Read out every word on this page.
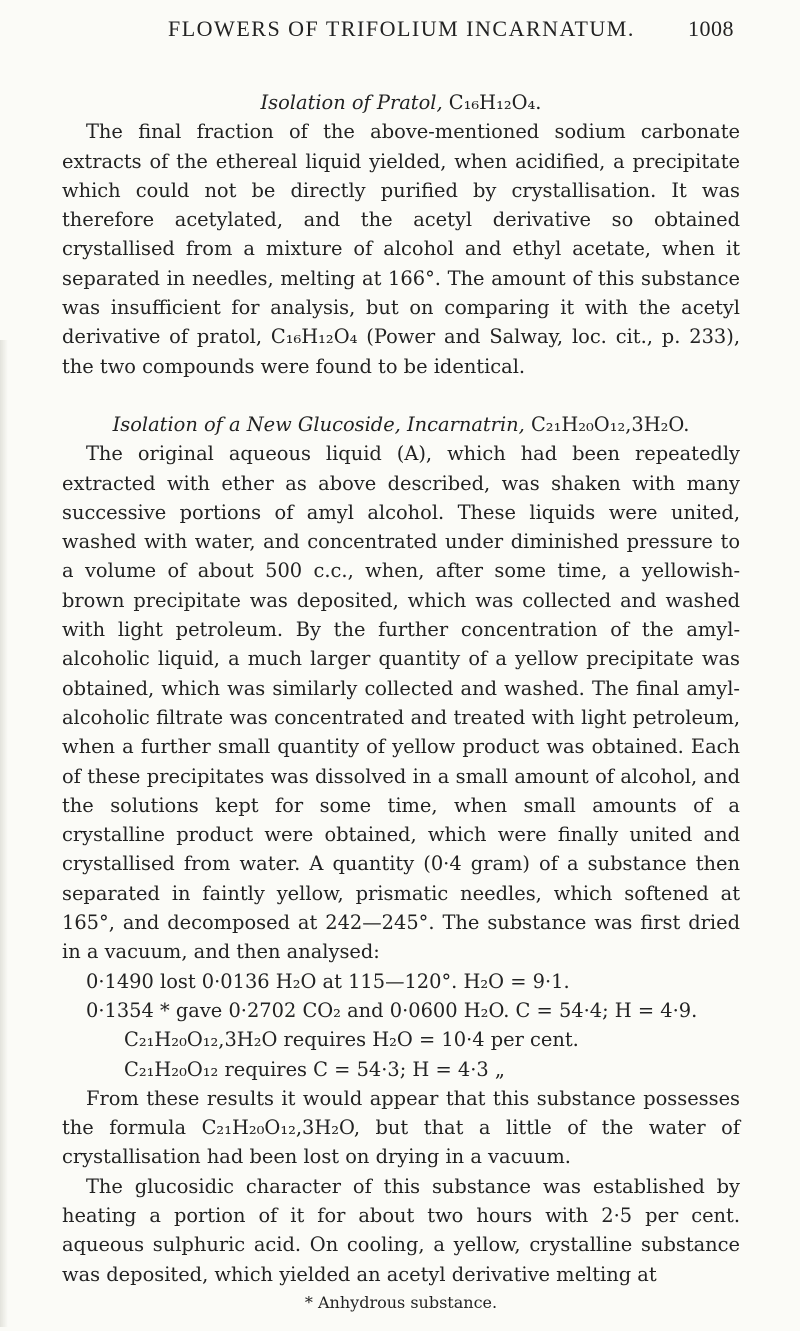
FLOWERS OF TRIFOLIUM INCARNATUM. 1008

Isolation of Pratol, C₁₆H₁₂O₄.

The final fraction of the above-mentioned sodium carbonate extracts of the ethereal liquid yielded, when acidified, a precipitate which could not be directly purified by crystallisation. It was therefore acetylated, and the acetyl derivative so obtained crystallised from a mixture of alcohol and ethyl acetate, when it separated in needles, melting at 166°. The amount of this substance was insufficient for analysis, but on comparing it with the acetyl derivative of pratol, C₁₆H₁₂O₄ (Power and Salway, loc. cit., p. 233), the two compounds were found to be identical.

Isolation of a New Glucoside, Incarnatrin, C₂₁H₂₀O₁₂,3H₂O.

The original aqueous liquid (A), which had been repeatedly extracted with ether as above described, was shaken with many successive portions of amyl alcohol. These liquids were united, washed with water, and concentrated under diminished pressure to a volume of about 500 c.c., when, after some time, a yellowish-brown precipitate was deposited, which was collected and washed with light petroleum. By the further concentration of the amyl-alcoholic liquid, a much larger quantity of a yellow precipitate was obtained, which was similarly collected and washed. The final amyl-alcoholic filtrate was concentrated and treated with light petroleum, when a further small quantity of yellow product was obtained. Each of these precipitates was dissolved in a small amount of alcohol, and the solutions kept for some time, when small amounts of a crystalline product were obtained, which were finally united and crystallised from water. A quantity (0·4 gram) of a substance then separated in faintly yellow, prismatic needles, which softened at 165°, and decomposed at 242—245°. The substance was first dried in a vacuum, and then analysed:

0·1490 lost 0·0136 H₂O at 115—120°. H₂O = 9·1.

0·1354 * gave 0·2702 CO₂ and 0·0600 H₂O. C = 54·4; H = 4·9.

C₂₁H₂₀O₁₂,3H₂O requires H₂O = 10·4 per cent.

C₂₁H₂₀O₁₂ requires C = 54·3; H = 4·3 „

From these results it would appear that this substance possesses the formula C₂₁H₂₀O₁₂,3H₂O, but that a little of the water of crystallisation had been lost on drying in a vacuum.

The glucosidic character of this substance was established by heating a portion of it for about two hours with 2·5 per cent. aqueous sulphuric acid. On cooling, a yellow, crystalline substance was deposited, which yielded an acetyl derivative melting at

* Anhydrous substance.
